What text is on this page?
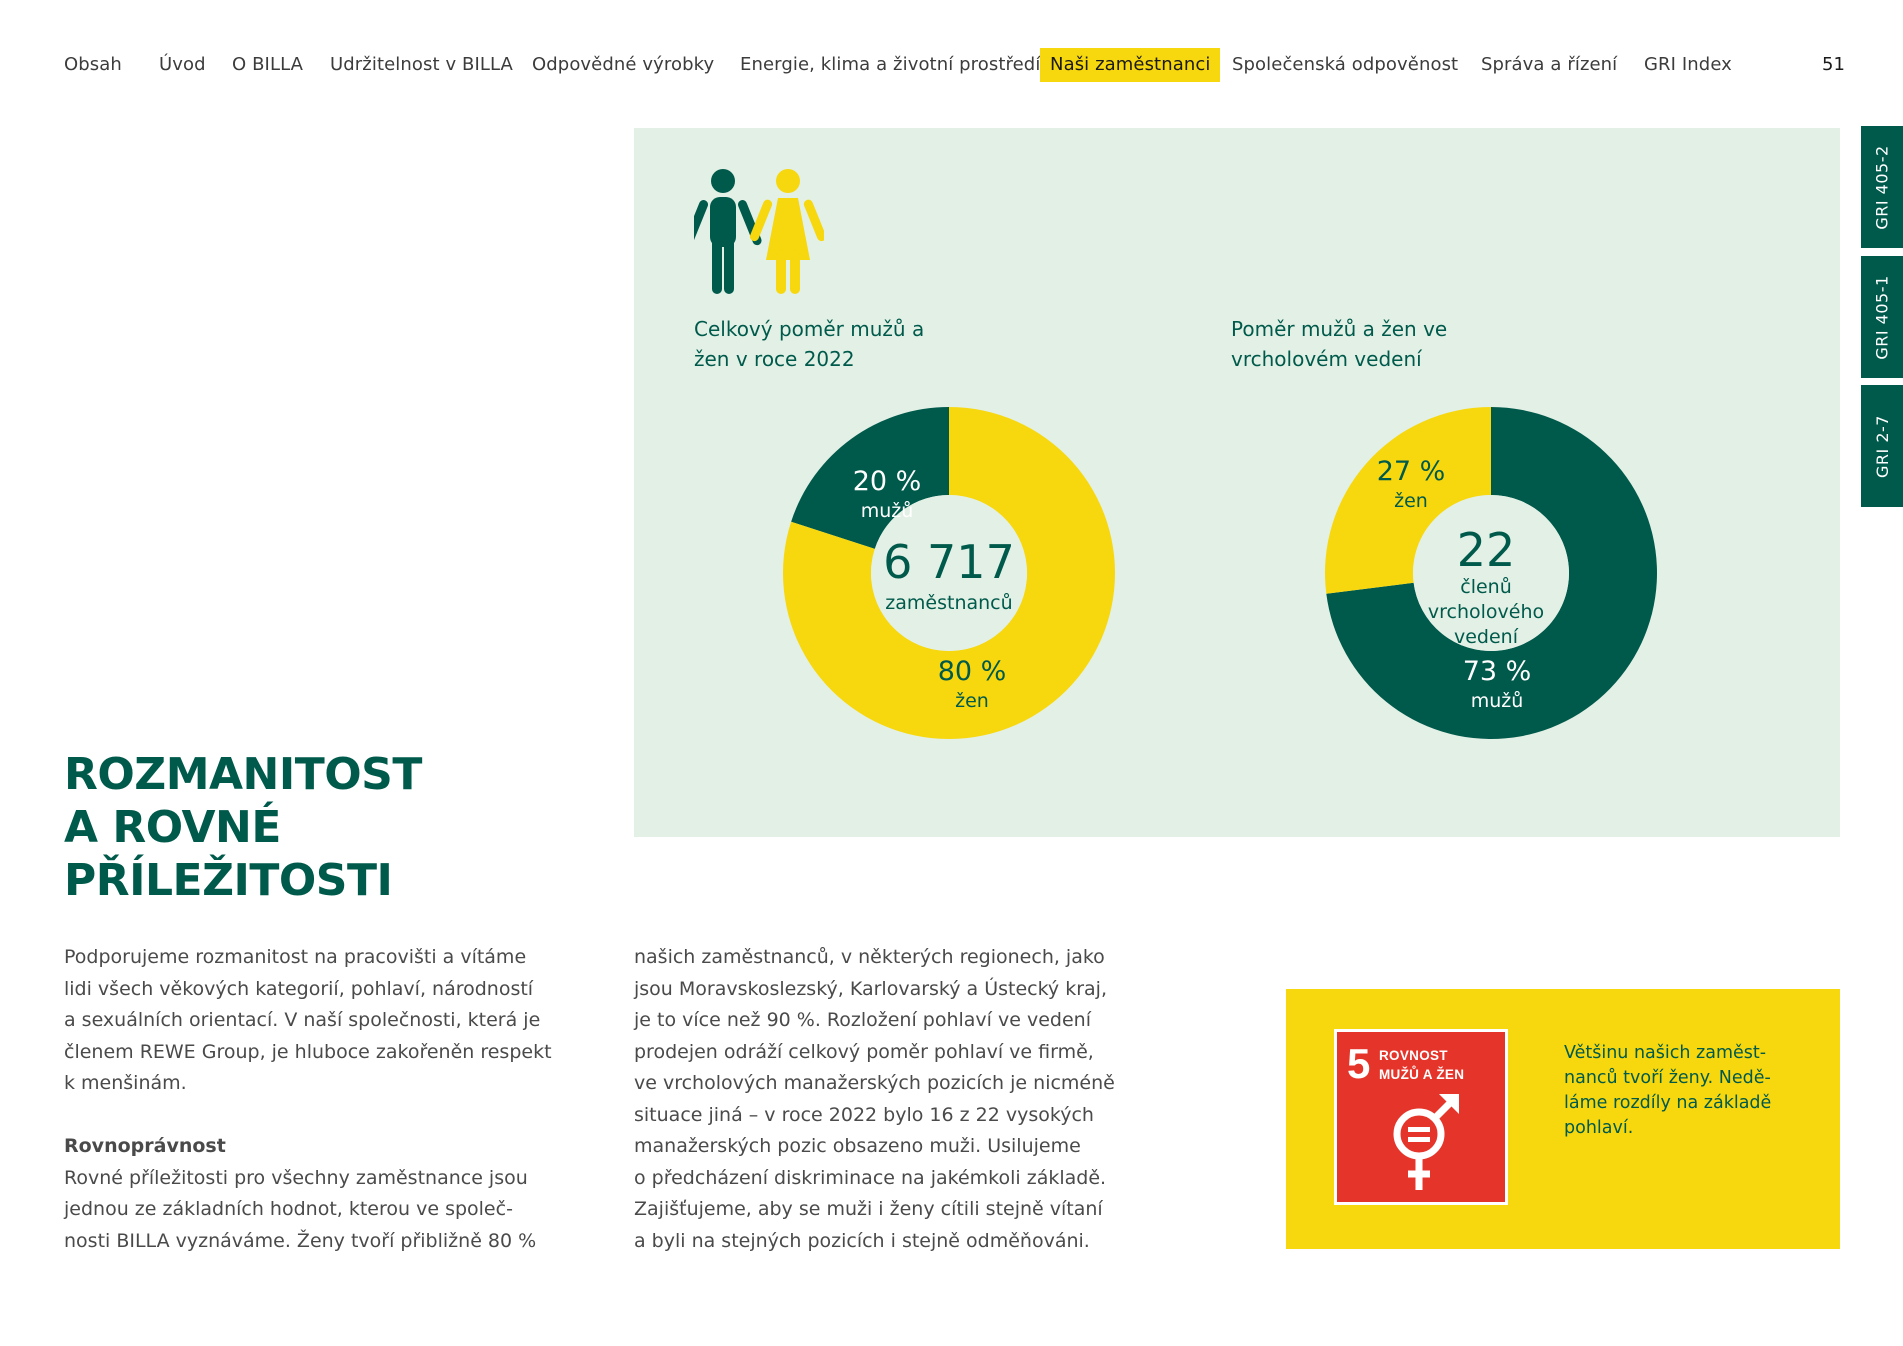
Obsah Úvod O BILLA Udržitelnost v BILLA Odpovědné výrobky Energie, klima a životní prostředí Naši zaměstnanci	Společenská odpověnost Správa a řízení GRI Index	51
GRI 405-2
GRI 405-1
GRI 2-7
Celkový poměr mužů a žen v roce 2022
Poměr mužů a žen ve vrcholovém vedení
20 %
mužů
80 %
žen
6 717
zaměstnanců
27 %
žen
73 %
mužů
22
členů
vrcholového
vedení
ROZMANITOST
A ROVNÉ
PŘÍLEŽITOSTI
Podporujeme rozmanitost na pracovišti a vítáme
lidi všech věkových kategorií, pohlaví, národností
a sexuálních orientací. V naší společnosti, která je
členem REWE Group, je hluboce zakořeněn respekt
k menšinám.
Rovnoprávnost
Rovné příležitosti pro všechny zaměstnance jsou
jednou ze základních hodnot, kterou ve společ-
nosti BILLA vyznáváme. Ženy tvoří přibližně 80 %
našich zaměstnanců, v některých regionech, jako
jsou Moravskoslezský, Karlovarský a Ústecký kraj,
je to více než 90 %. Rozložení pohlaví ve vedení
prodejen odráží celkový poměr pohlaví ve firmě,
ve vrcholových manažerských pozicích je nicméně
situace jiná – v roce 2022 bylo 16 z 22 vysokých
manažerských pozic obsazeno muži. Usilujeme
o předcházení diskriminace na jakémkoli základě.
Zajišťujeme, aby se muži i ženy cítili stejně vítaní
a byli na stejných pozicích i stejně odměňováni.
5 ROVNOST
MUŽŮ A ŽEN
Většinu našich zaměst-
nanců tvoří ženy. Nedě-
láme rozdíly na základě
pohlaví.
